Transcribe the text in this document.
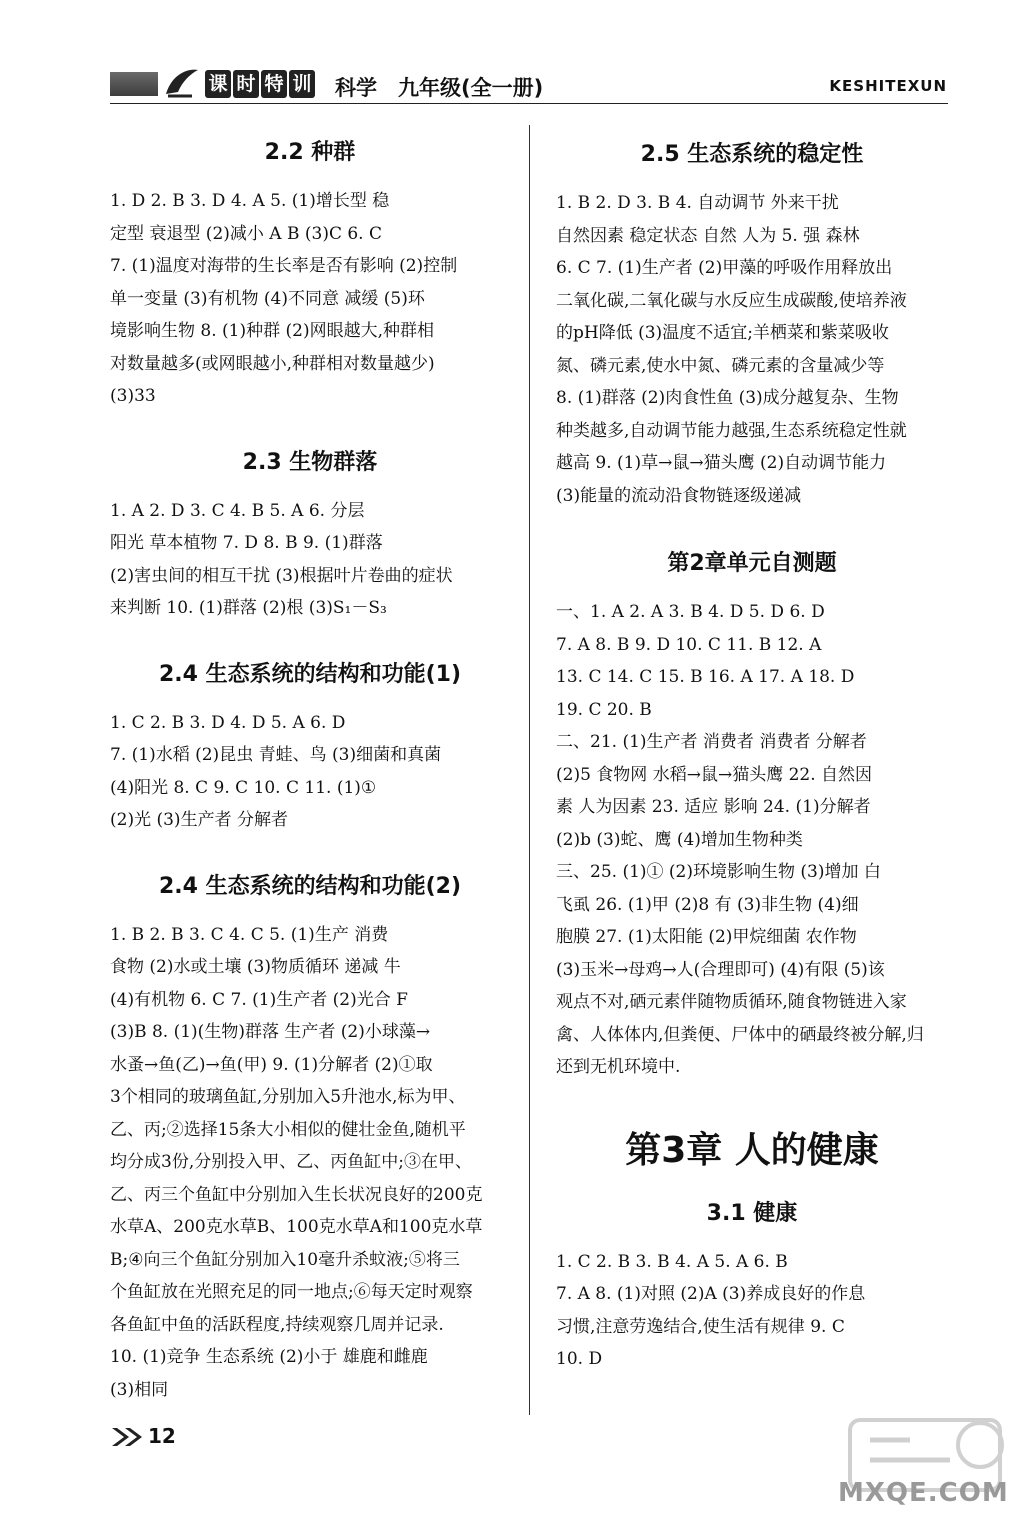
课 时 特 训 科学 九年级(全一册)	KESHITEXUN
2.2 种群
1. D 2. B 3. D 4. A 5. (1)增长型 稳
定型 衰退型 (2)减小 A B (3)C 6. C
7. (1)温度对海带的生长率是否有影响 (2)控制
单一变量 (3)有机物 (4)不同意 减缓 (5)环
境影响生物 8. (1)种群 (2)网眼越大,种群相
对数量越多(或网眼越小,种群相对数量越少)
(3)33
2.3 生物群落
1. A 2. D 3. C 4. B 5. A 6. 分层
阳光 草本植物 7. D 8. B 9. (1)群落
(2)害虫间的相互干扰 (3)根据叶片卷曲的症状
来判断 10. (1)群落 (2)根 (3)S₁－S₃
2.4 生态系统的结构和功能(1)
1. C 2. B 3. D 4. D 5. A 6. D
7. (1)水稻 (2)昆虫 青蛙、鸟 (3)细菌和真菌
(4)阳光 8. C 9. C 10. C 11. (1)①
(2)光 (3)生产者 分解者
2.4 生态系统的结构和功能(2)
1. B 2. B 3. C 4. C 5. (1)生产 消费
食物 (2)水或土壤 (3)物质循环 递减 牛
(4)有机物 6. C 7. (1)生产者 (2)光合 F
(3)B 8. (1)(生物)群落 生产者 (2)小球藻→
水蚤→鱼(乙)→鱼(甲) 9. (1)分解者 (2)①取
3个相同的玻璃鱼缸,分别加入5升池水,标为甲、
乙、丙;②选择15条大小相似的健壮金鱼,随机平
均分成3份,分别投入甲、乙、丙鱼缸中;③在甲、
乙、丙三个鱼缸中分别加入生长状况良好的200克
水草A、200克水草B、100克水草A和100克水草
B;④向三个鱼缸分别加入10毫升杀蚊液;⑤将三
个鱼缸放在光照充足的同一地点;⑥每天定时观察
各鱼缸中鱼的活跃程度,持续观察几周并记录.
10. (1)竞争 生态系统 (2)小于 雄鹿和雌鹿
(3)相同
2.5 生态系统的稳定性
1. B 2. D 3. B 4. 自动调节 外来干扰
自然因素 稳定状态 自然 人为 5. 强 森林
6. C 7. (1)生产者 (2)甲藻的呼吸作用释放出
二氧化碳,二氧化碳与水反应生成碳酸,使培养液
的pH降低 (3)温度不适宜;羊栖菜和紫菜吸收
氮、磷元素,使水中氮、磷元素的含量减少等
8. (1)群落 (2)肉食性鱼 (3)成分越复杂、生物
种类越多,自动调节能力越强,生态系统稳定性就
越高 9. (1)草→鼠→猫头鹰 (2)自动调节能力
(3)能量的流动沿食物链逐级递减
第2章单元自测题
一、1. A 2. A 3. B 4. D 5. D 6. D
7. A 8. B 9. D 10. C 11. B 12. A
13. C 14. C 15. B 16. A 17. A 18. D
19. C 20. B
二、21. (1)生产者 消费者 消费者 分解者
(2)5 食物网 水稻→鼠→猫头鹰 22. 自然因
素 人为因素 23. 适应 影响 24. (1)分解者
(2)b (3)蛇、鹰 (4)增加生物种类
三、25. (1)① (2)环境影响生物 (3)增加 白
飞虱 26. (1)甲 (2)8 有 (3)非生物 (4)细
胞膜 27. (1)太阳能 (2)甲烷细菌 农作物
(3)玉米→母鸡→人(合理即可) (4)有限 (5)该
观点不对,硒元素伴随物质循环,随食物链进入家
禽、人体体内,但粪便、尸体中的硒最终被分解,归
还到无机环境中.
第3章 人的健康
3.1 健康
1. C 2. B 3. B 4. A 5. A 6. B
7. A 8. (1)对照 (2)A (3)养成良好的作息
习惯,注意劳逸结合,使生活有规律 9. C
10. D
12
MXQE.COM
